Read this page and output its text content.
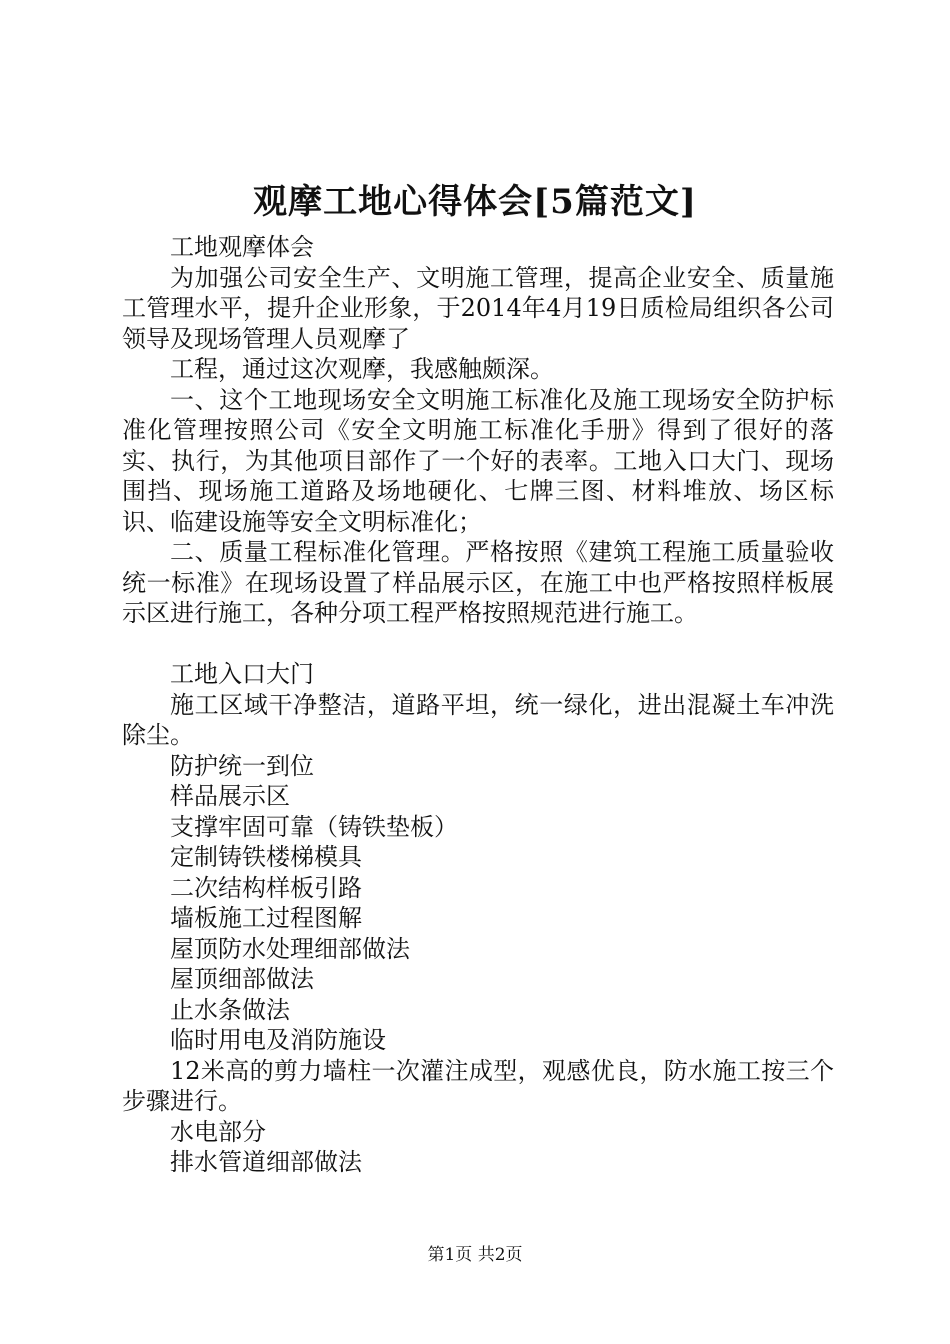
观摩工地心得体会[5篇范文]

工地观摩体会

为加强公司安全生产、文明施工管理，提高企业安全、质量施工管理水平，提升企业形象，于2014年4月19日质检局组织各公司领导及现场管理人员观摩了

工程，通过这次观摩，我感触颇深。

一、这个工地现场安全文明施工标准化及施工现场安全防护标准化管理按照公司《安全文明施工标准化手册》得到了很好的落实、执行，为其他项目部作了一个好的表率。工地入口大门、现场围挡、现场施工道路及场地硬化、七牌三图、材料堆放、场区标识、临建设施等安全文明标准化；

二、质量工程标准化管理。严格按照《建筑工程施工质量验收统一标准》在现场设置了样品展示区，在施工中也严格按照样板展示区进行施工，各种分项工程严格按照规范进行施工。

工地入口大门

施工区域干净整洁，道路平坦，统一绿化，进出混凝土车冲洗除尘。

防护统一到位

样品展示区

支撑牢固可靠（铸铁垫板）

定制铸铁楼梯模具

二次结构样板引路

墙板施工过程图解

屋顶防水处理细部做法

屋顶细部做法

止水条做法

临时用电及消防施设

12米高的剪力墙柱一次灌注成型，观感优良，防水施工按三个步骤进行。

水电部分

排水管道细部做法

第1页 共2页
